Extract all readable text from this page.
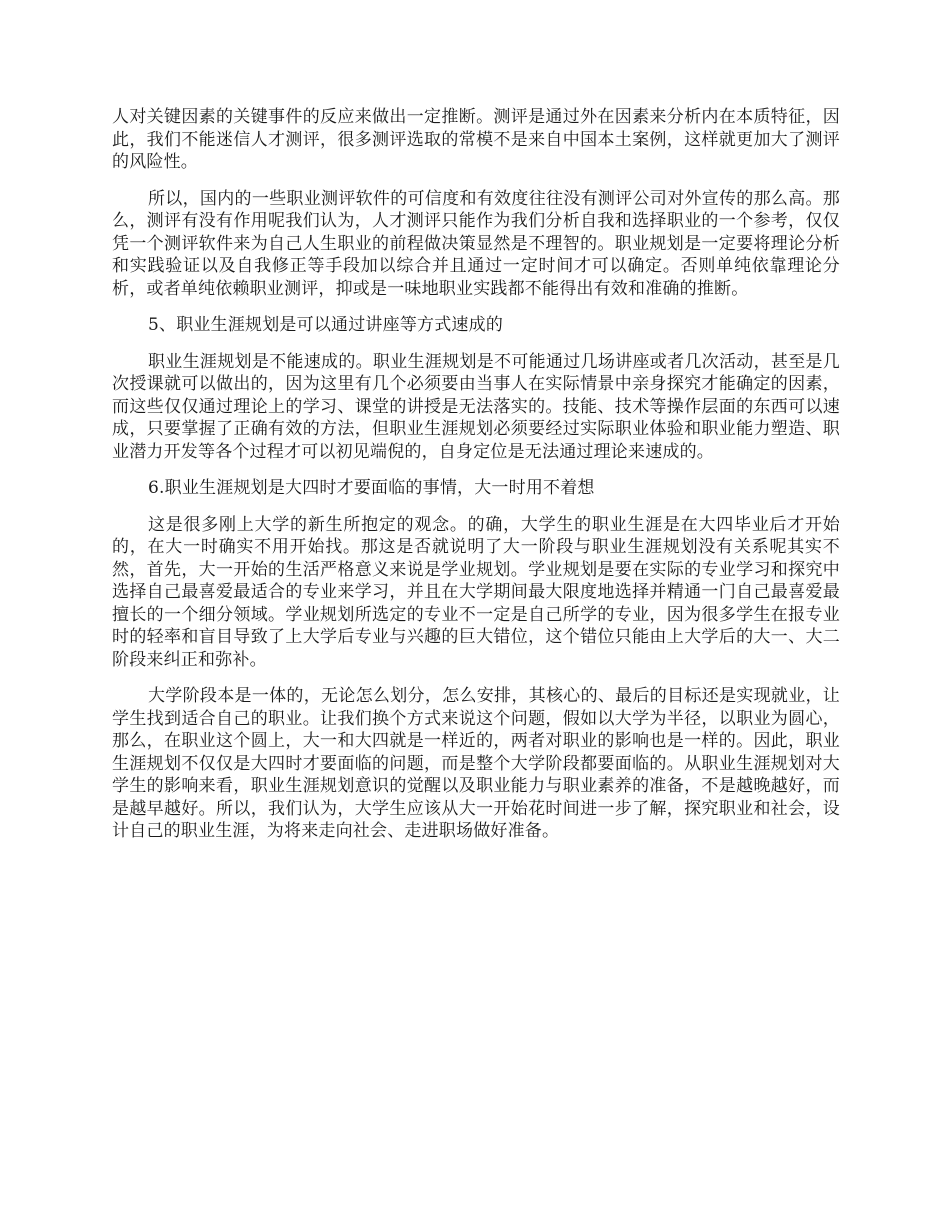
人对关键因素的关键事件的反应来做出一定推断。测评是通过外在因素来分析内在本质特征，因此，我们不能迷信人才测评，很多测评选取的常模不是来自中国本土案例，这样就更加大了测评的风险性。

所以，国内的一些职业测评软件的可信度和有效度往往没有测评公司对外宣传的那么高。那么，测评有没有作用呢我们认为，人才测评只能作为我们分析自我和选择职业的一个参考，仅仅凭一个测评软件来为自己人生职业的前程做决策显然是不理智的。职业规划是一定要将理论分析和实践验证以及自我修正等手段加以综合并且通过一定时间才可以确定。否则单纯依靠理论分析，或者单纯依赖职业测评，抑或是一味地职业实践都不能得出有效和准确的推断。

5、职业生涯规划是可以通过讲座等方式速成的

职业生涯规划是不能速成的。职业生涯规划是不可能通过几场讲座或者几次活动，甚至是几次授课就可以做出的，因为这里有几个必须要由当事人在实际情景中亲身探究才能确定的因素，而这些仅仅通过理论上的学习、课堂的讲授是无法落实的。技能、技术等操作层面的东西可以速成，只要掌握了正确有效的方法，但职业生涯规划必须要经过实际职业体验和职业能力塑造、职业潜力开发等各个过程才可以初见端倪的，自身定位是无法通过理论来速成的。

6.职业生涯规划是大四时才要面临的事情，大一时用不着想

这是很多刚上大学的新生所抱定的观念。的确，大学生的职业生涯是在大四毕业后才开始的，在大一时确实不用开始找。那这是否就说明了大一阶段与职业生涯规划没有关系呢其实不然，首先，大一开始的生活严格意义来说是学业规划。学业规划是要在实际的专业学习和探究中选择自己最喜爱最适合的专业来学习，并且在大学期间最大限度地选择并精通一门自己最喜爱最擅长的一个细分领域。学业规划所选定的专业不一定是自己所学的专业，因为很多学生在报专业时的轻率和盲目导致了上大学后专业与兴趣的巨大错位，这个错位只能由上大学后的大一、大二阶段来纠正和弥补。

大学阶段本是一体的，无论怎么划分，怎么安排，其核心的、最后的目标还是实现就业，让学生找到适合自己的职业。让我们换个方式来说这个问题，假如以大学为半径，以职业为圆心，那么，在职业这个圆上，大一和大四就是一样近的，两者对职业的影响也是一样的。因此，职业生涯规划不仅仅是大四时才要面临的问题，而是整个大学阶段都要面临的。从职业生涯规划对大学生的影响来看，职业生涯规划意识的觉醒以及职业能力与职业素养的准备，不是越晚越好，而是越早越好。所以，我们认为，大学生应该从大一开始花时间进一步了解，探究职业和社会，设计自己的职业生涯，为将来走向社会、走进职场做好准备。
